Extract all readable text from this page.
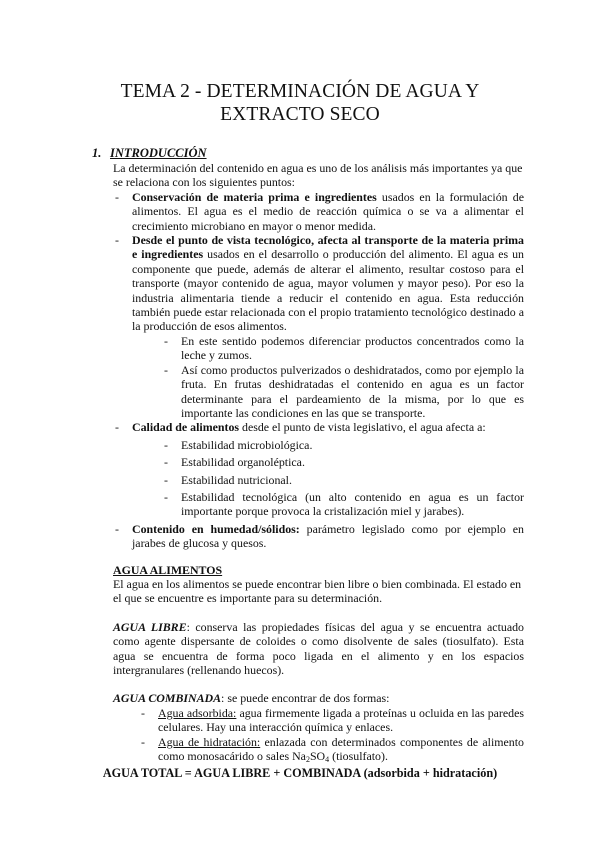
TEMA 2 - DETERMINACIÓN DE AGUA Y
EXTRACTO SECO
1. INTRODUCCIÓN

La determinación del contenido en agua es uno de los análisis más importantes ya que se relaciona con los siguientes puntos:

- Conservación de materia prima e ingredientes usados en la formulación de alimentos. El agua es el medio de reacción química o se va a alimentar el crecimiento microbiano en mayor o menor medida.
- Desde el punto de vista tecnológico, afecta al transporte de la materia prima e ingredientes usados en el desarrollo o producción del alimento. El agua es un componente que puede, además de alterar el alimento, resultar costoso para el transporte (mayor contenido de agua, mayor volumen y mayor peso). Por eso la industria alimentaria tiende a reducir el contenido en agua. Esta reducción también puede estar relacionada con el propio tratamiento tecnológico destinado a la producción de esos alimentos.
- En este sentido podemos diferenciar productos concentrados como la leche y zumos.
- Así como productos pulverizados o deshidratados, como por ejemplo la fruta. En frutas deshidratadas el contenido en agua es un factor determinante para el pardeamiento de la misma, por lo que es importante las condiciones en las que se transporte.
- Calidad de alimentos desde el punto de vista legislativo, el agua afecta a:
- Estabilidad microbiológica.
- Estabilidad organoléptica.
- Estabilidad nutricional.
- Estabilidad tecnológica (un alto contenido en agua es un factor importante porque provoca la cristalización miel y jarabes).
- Contenido en humedad/sólidos: parámetro legislado como por ejemplo en jarabes de glucosa y quesos.

AGUA ALIMENTOS

El agua en los alimentos se puede encontrar bien libre o bien combinada. El estado en el que se encuentre es importante para su determinación.

AGUA LIBRE: conserva las propiedades físicas del agua y se encuentra actuado como agente dispersante de coloides o como disolvente de sales (tiosulfato). Esta agua se encuentra de forma poco ligada en el alimento y en los espacios intergranulares (rellenando huecos).

AGUA COMBINADA: se puede encontrar de dos formas:

- Agua adsorbida: agua firmemente ligada a proteínas u ocluida en las paredes celulares. Hay una interacción química y enlaces.
- Agua de hidratación: enlazada con determinados componentes de alimento como monosacárido o sales $Na_2SO_4$ (tiosulfato).
AGUA TOTAL = AGUA LIBRE + COMBINADA (adsorbida + hidratación)
